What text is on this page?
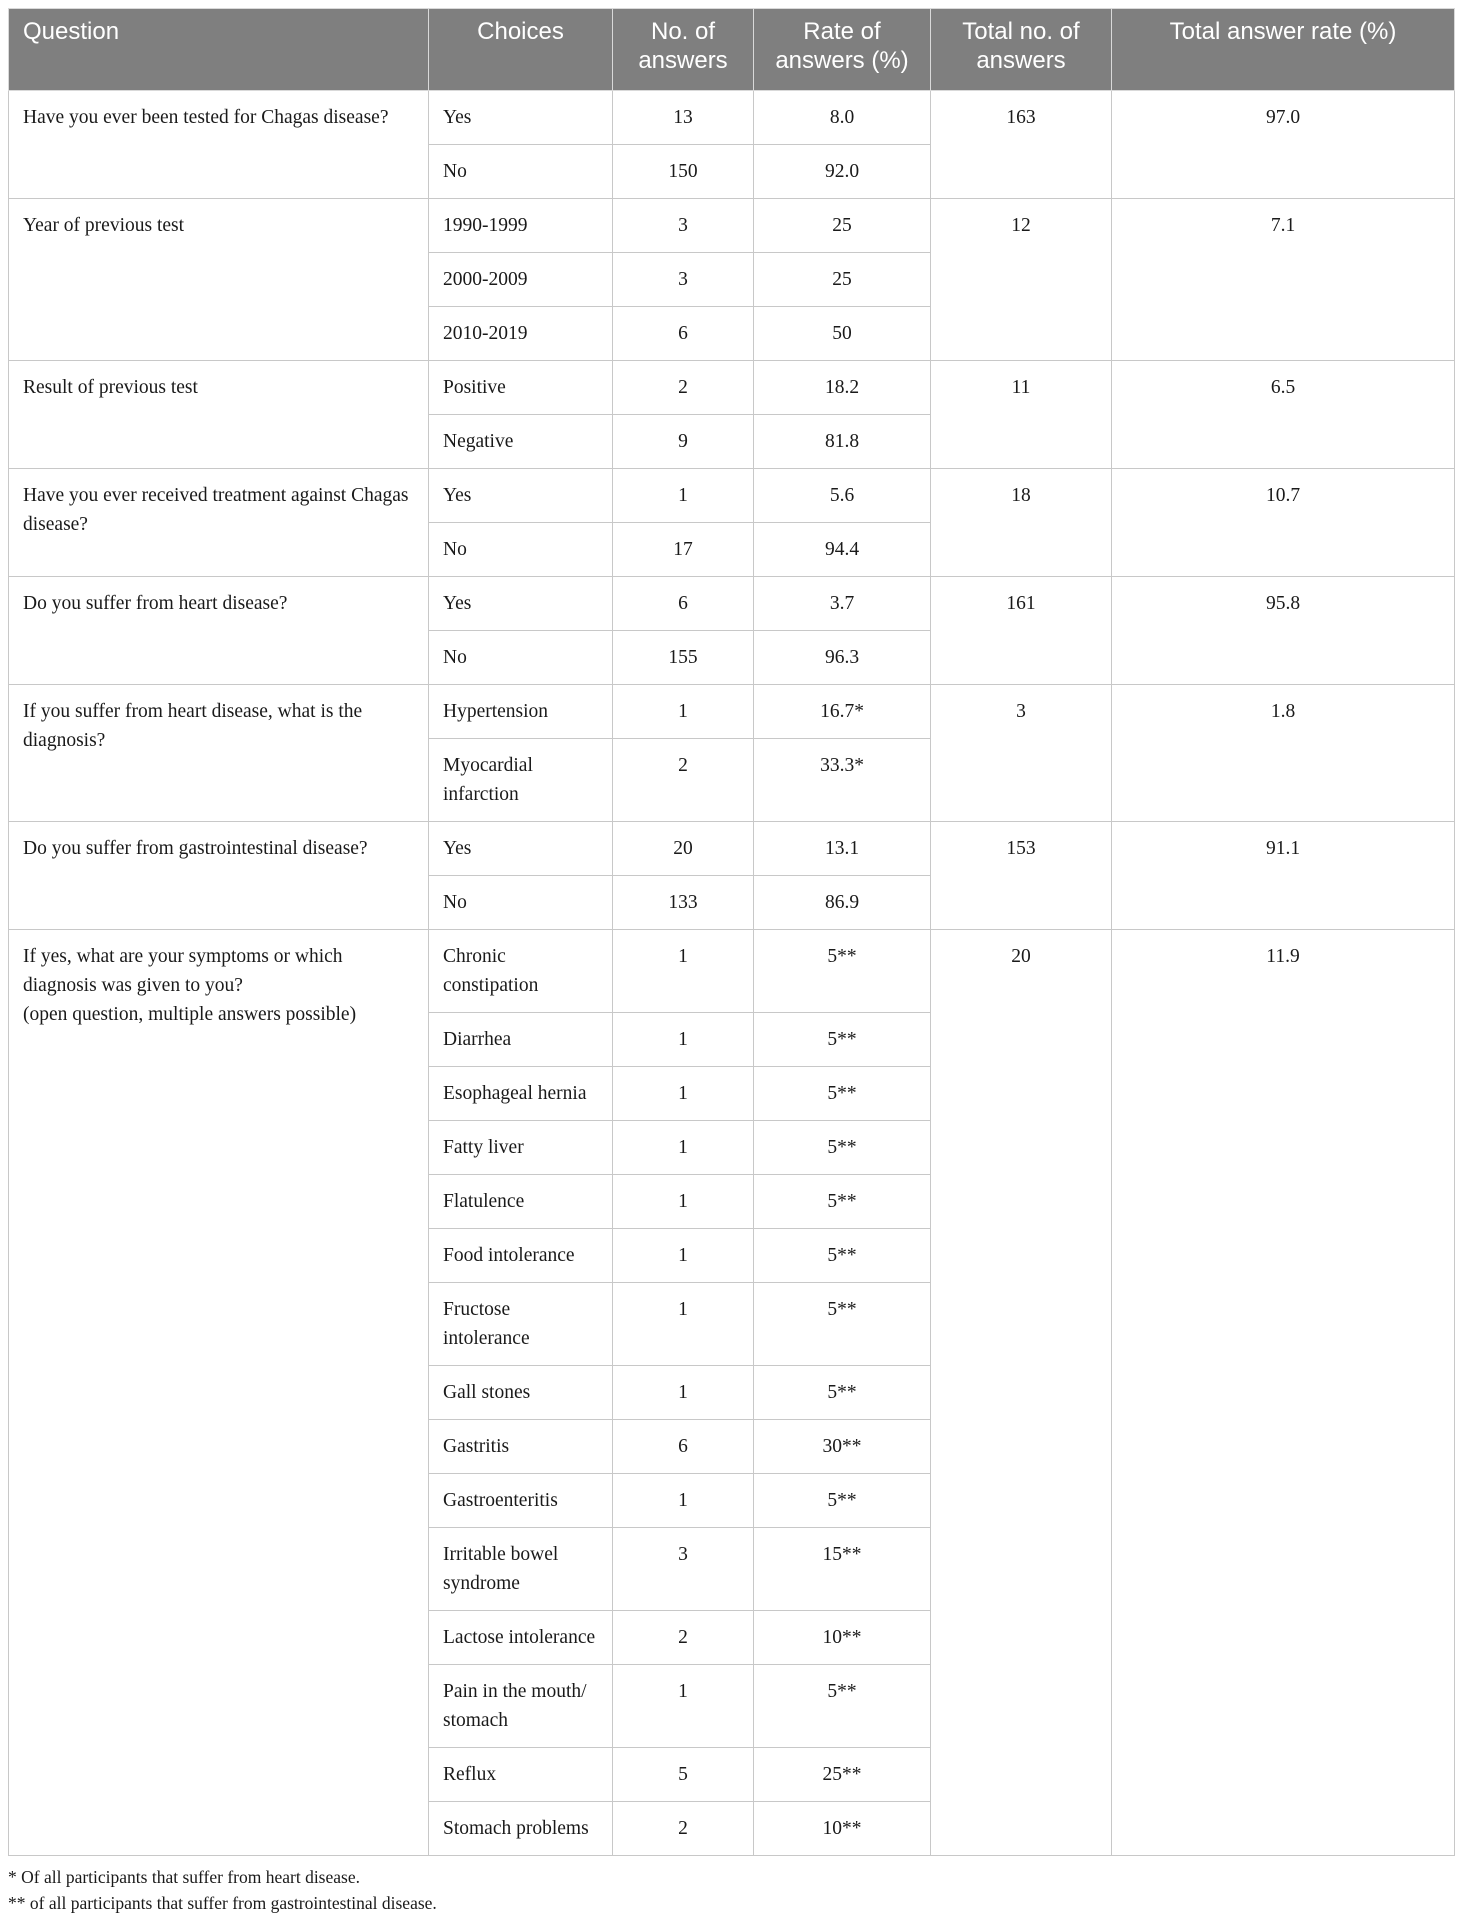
Question	Choices	No. of answers	Rate of answers (%)	Total no. of answers	Total answer rate (%)

Have you ever been tested for Chagas disease?	Yes	13	8.0	163	97.0
	No	150	92.0		

Year of previous test	1990-1999	3	25	12	7.1
	2000-2009	3	25		
	2010-2019	6	50		

Result of previous test	Positive	2	18.2	11	6.5
	Negative	9	81.8		

Have you ever received treatment against Chagas disease?	Yes	1	5.6	18	10.7
	No	17	94.4		

Do you suffer from heart disease?	Yes	6	3.7	161	95.8
	No	155	96.3		

If you suffer from heart disease, what is the diagnosis?	Hypertension	1	16.7*	3	1.8
	Myocardial infarction	2	33.3*		

Do you suffer from gastrointestinal disease?	Yes	20	13.1	153	91.1
	No	133	86.9		

If yes, what are your symptoms or which diagnosis was given to you?
(open question, multiple answers possible)	Chronic constipation	1	5**	20	11.9
	Diarrhea	1	5**		
	Esophageal hernia	1	5**		
	Fatty liver	1	5**		
	Flatulence	1	5**		
	Food intolerance	1	5**		
	Fructose intolerance	1	5**		
	Gall stones	1	5**		
	Gastritis	6	30**		
	Gastroenteritis	1	5**		
	Irritable bowel syndrome	3	15**		
	Lactose intolerance	2	10**		
	Pain in the mouth/ stomach	1	5**		
	Reflux	5	25**		
	Stomach problems	2	10**		
* Of all participants that suffer from heart disease.
** of all participants that suffer from gastrointestinal disease.
